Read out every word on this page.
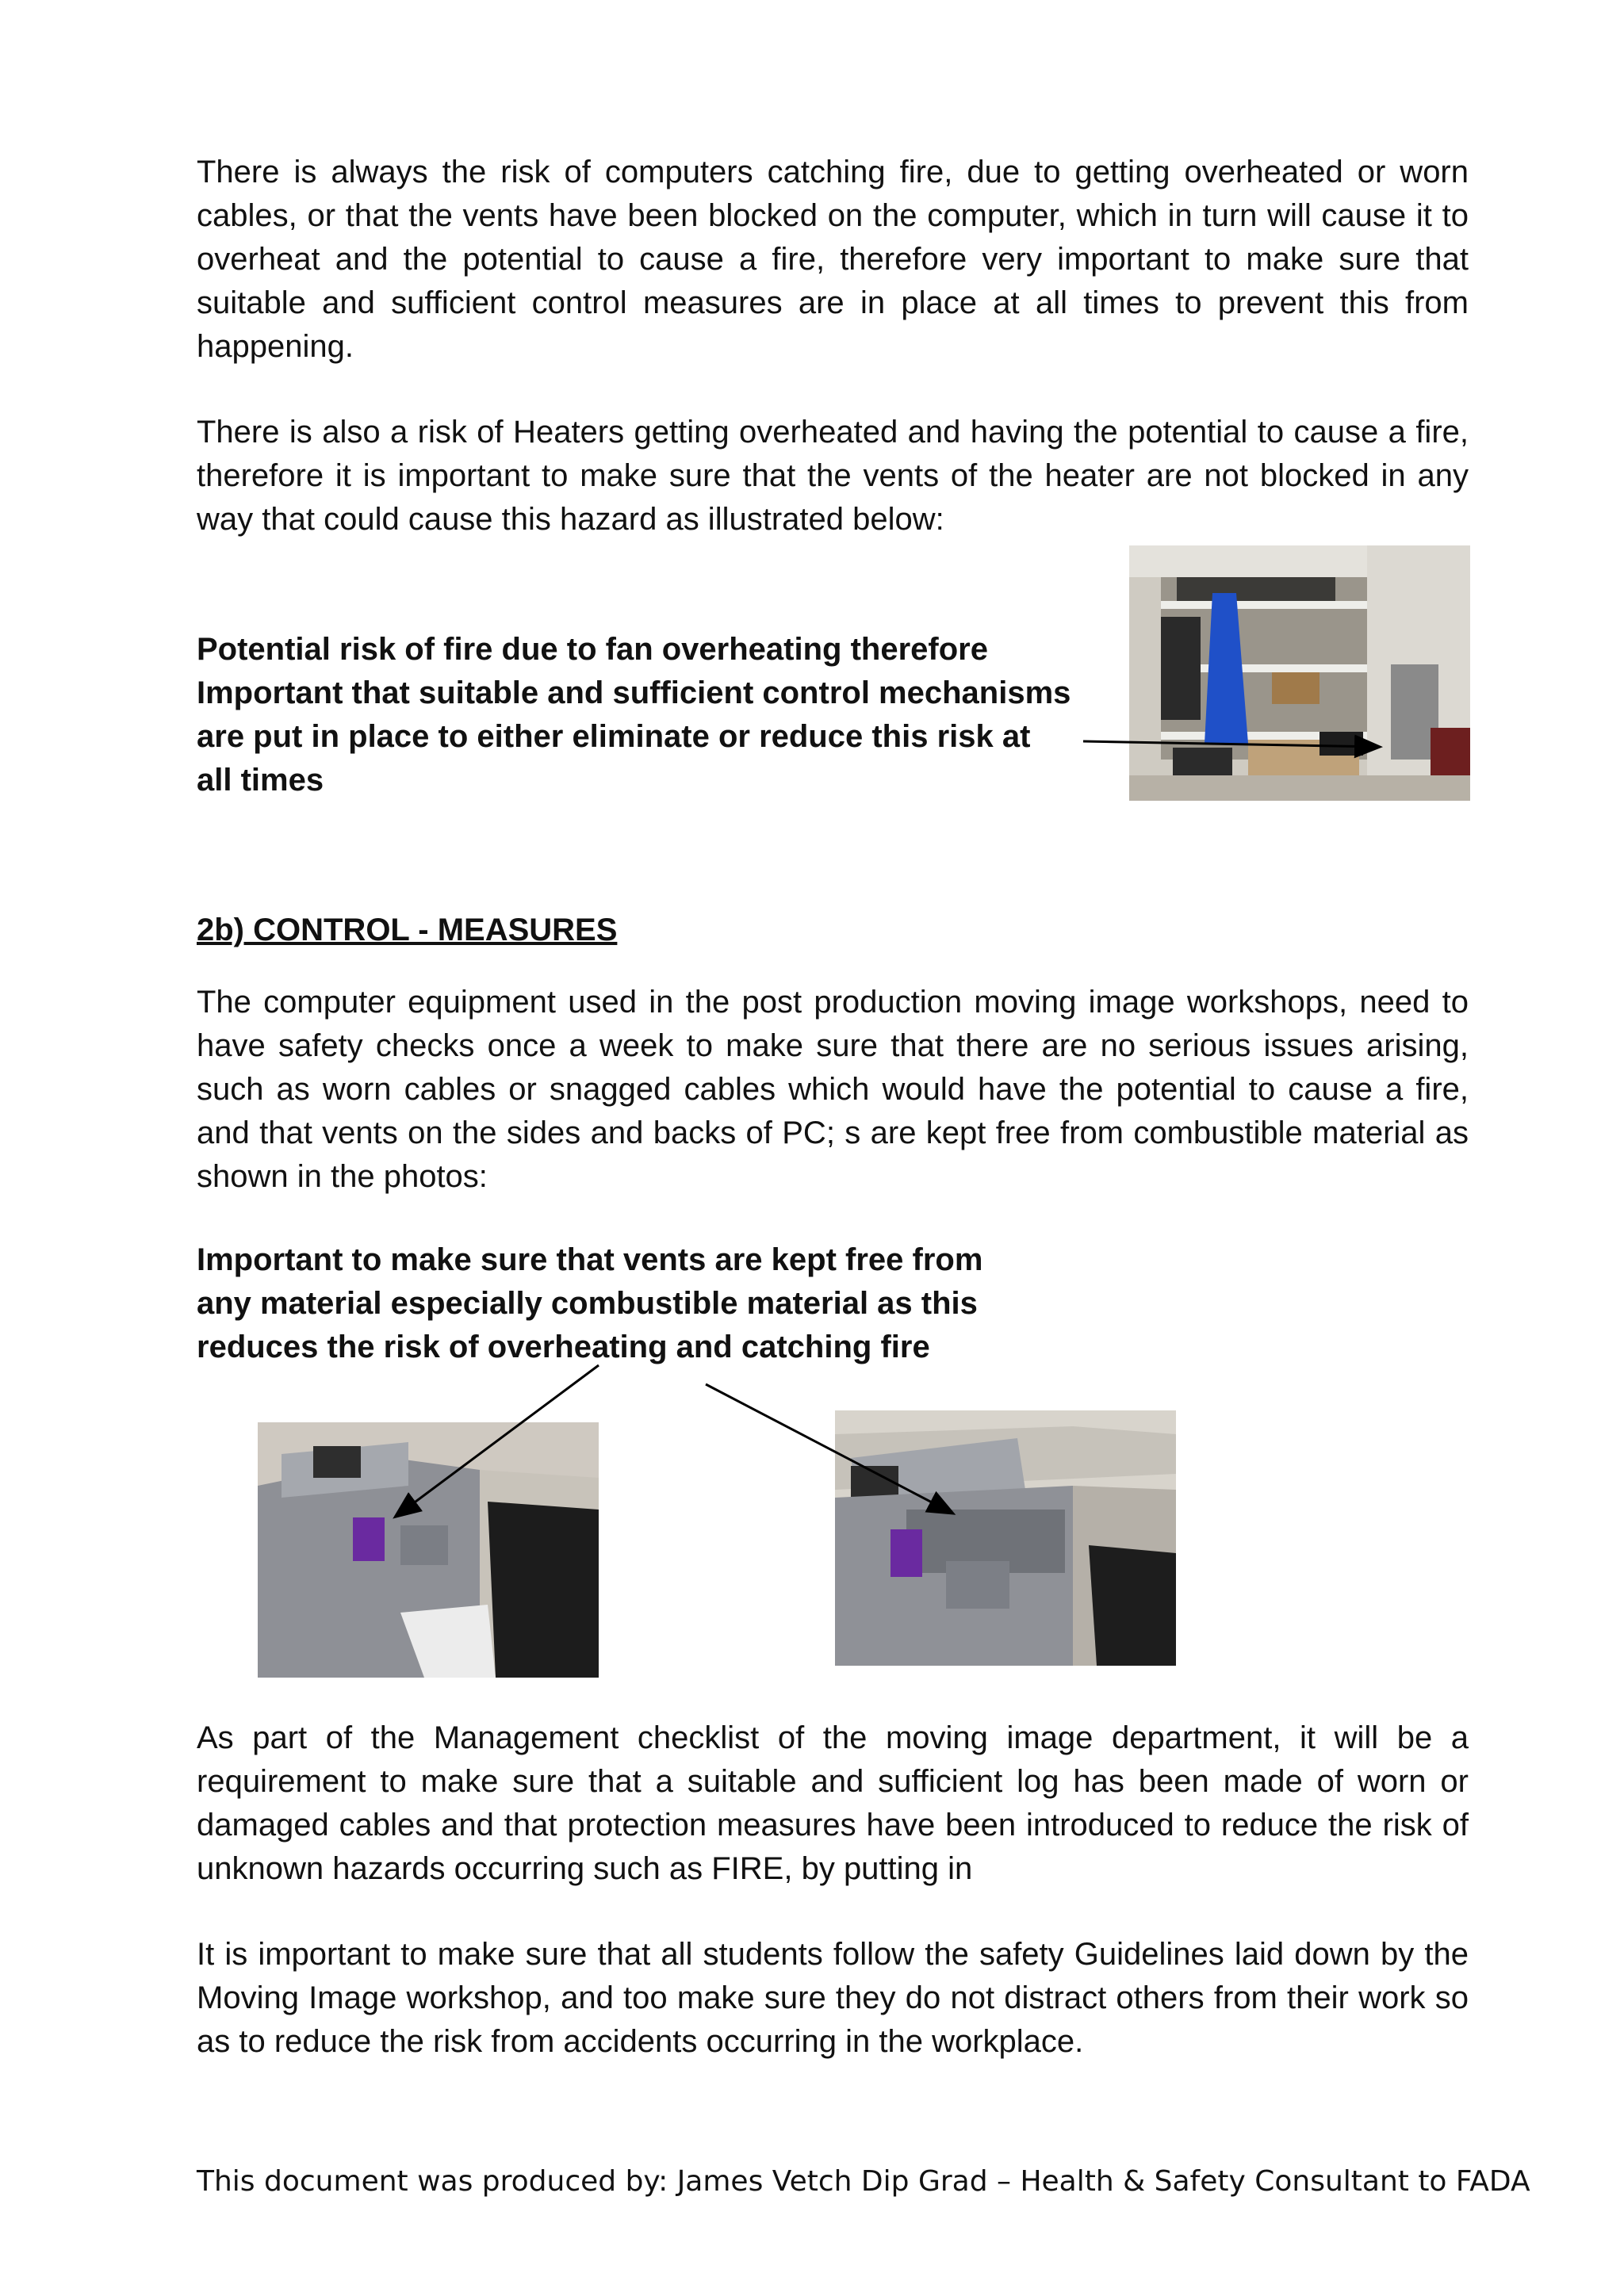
There is always the risk of computers catching fire, due to getting overheated or worn cables, or that the vents have been blocked on the computer, which in turn will cause it to overheat and the potential to cause a fire, therefore very important to make sure that suitable and sufficient control measures are in place at all times to prevent this from happening.

There is also a risk of Heaters getting overheated and having the potential to cause a fire, therefore it is important to make sure that the vents of the heater are not blocked in any way that could cause this hazard as illustrated below:

Potential risk of fire due to fan overheating therefore
Important that suitable and sufficient control mechanisms
are put in place to either eliminate or reduce this risk at
all times
2b) CONTROL - MEASURES

The computer equipment used in the post production moving image workshops, need to have safety checks once a week to make sure that there are no serious issues arising, such as worn cables or snagged cables which would have the potential to cause a fire, and that vents on the sides and backs of PC; s are kept free from combustible material as shown in the photos:

Important to make sure that vents are kept free from
any material especially combustible material as this
reduces the risk of overheating and catching fire

As part of the Management checklist of the moving image department, it will be a requirement to make sure that a suitable and sufficient log has been made of worn or damaged cables and that protection measures have been introduced to reduce the risk of unknown hazards occurring such as FIRE, by putting in

It is important to make sure that all students follow the safety Guidelines laid down by the Moving Image workshop, and too make sure they do not distract others from their work so as to reduce the risk from accidents occurring in the workplace.

This document was produced by: James Vetch Dip Grad – Health & Safety Consultant to FADA
